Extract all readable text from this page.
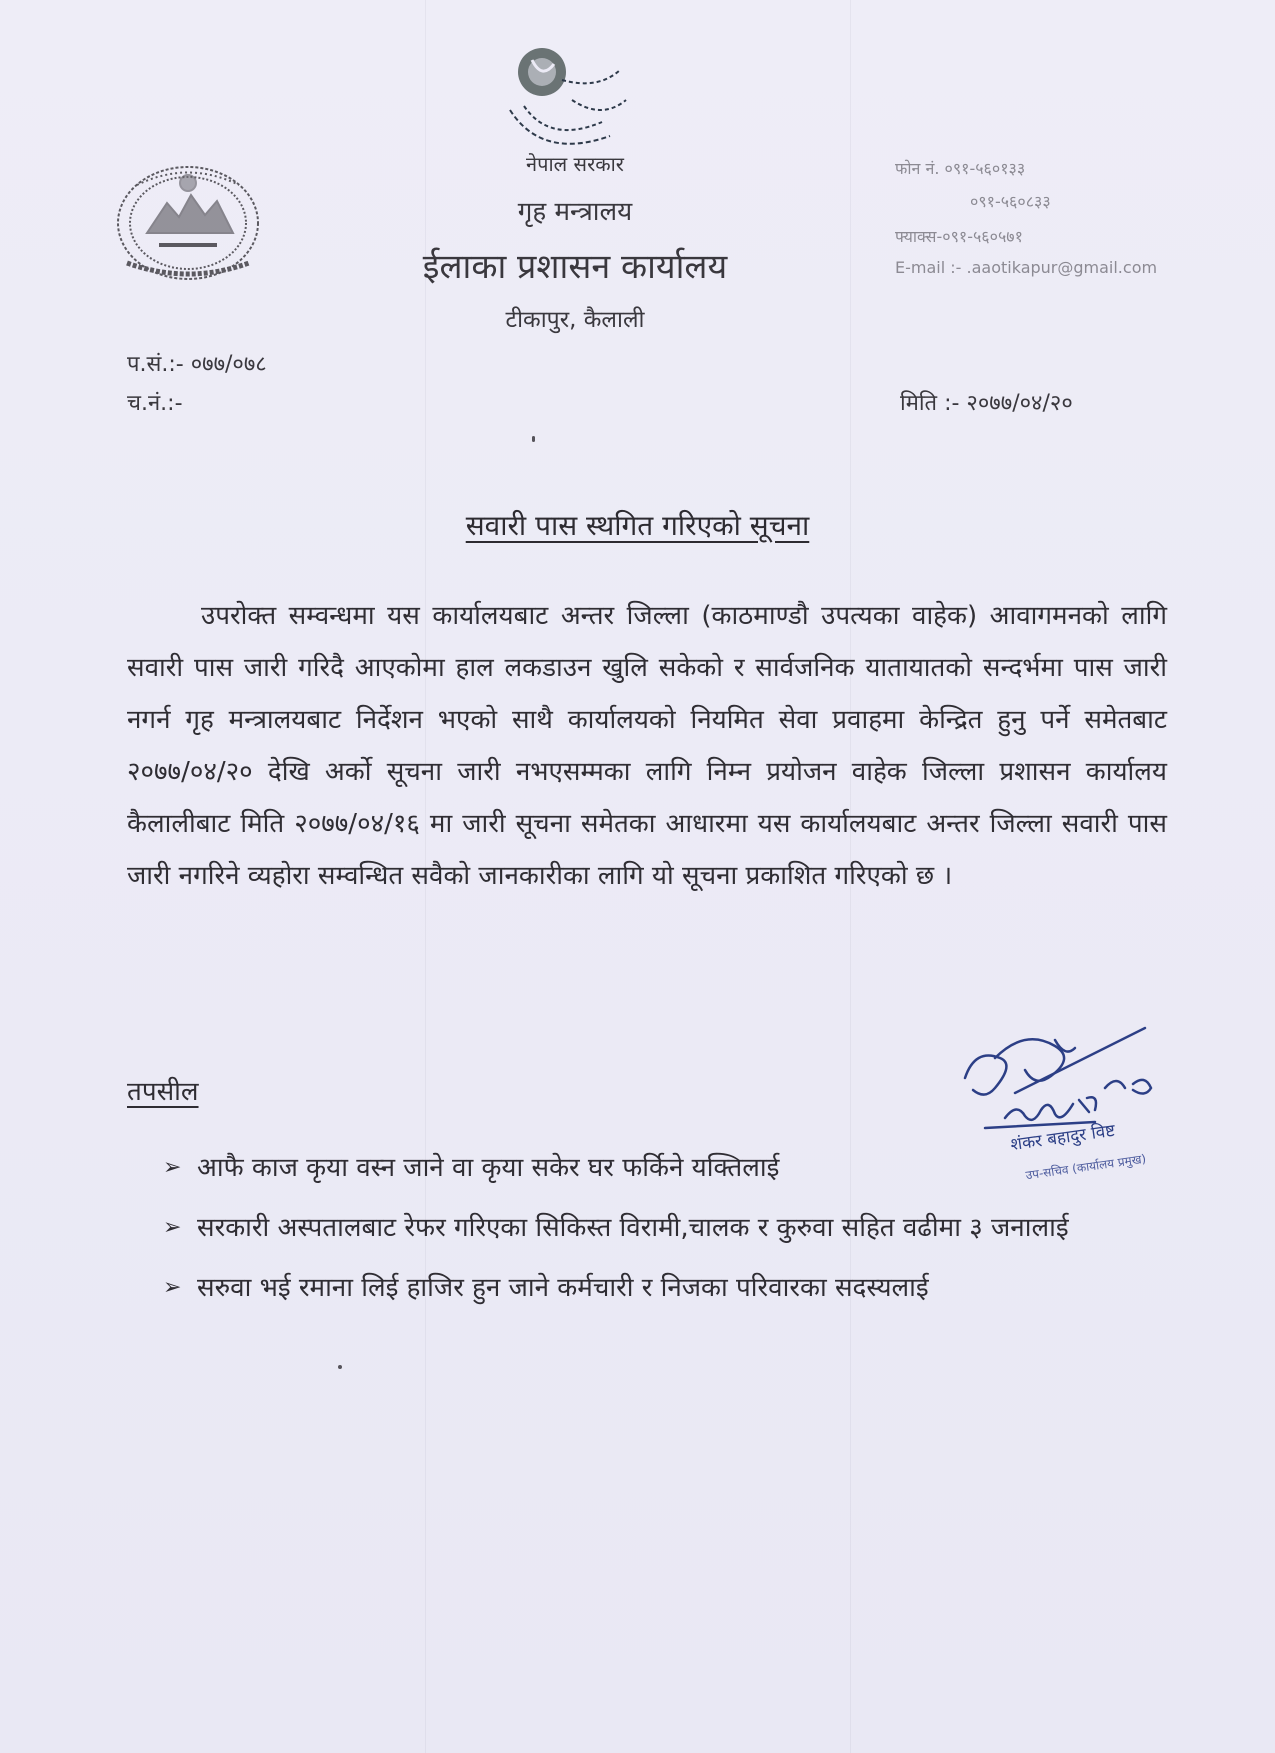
नेपाल सरकार
गृह मन्त्रालय
ईलाका प्रशासन कार्यालय
टीकापुर, कैलाली
फोन नं. ०९१-५६०१३३
०९१-५६०८३३
फ्याक्स-०९१-५६०५७१
E-mail :- .aaotikapur@gmail.com
प.सं.:- ०७७/०७८
च.नं.:-	मिति :- २०७७/०४/२०
सवारी पास स्थगित गरिएको सूचना
उपरोक्त सम्वन्धमा यस कार्यालयबाट अन्तर जिल्ला (काठमाण्डौ उपत्यका वाहेक) आवागमनको लागि सवारी पास जारी गरिदै आएकोमा हाल लकडाउन खुलि सकेको र सार्वजनिक यातायातको सन्दर्भमा पास जारी नगर्न गृह मन्त्रालयबाट निर्देशन भएको साथै कार्यालयको नियमित सेवा प्रवाहमा केन्द्रित हुनु पर्ने समेतबाट २०७७/०४/२० देखि अर्को सूचना जारी नभएसम्मका लागि निम्न प्रयोजन वाहेक जिल्ला प्रशासन कार्यालय कैलालीबाट मिति २०७७/०४/१६ मा जारी सूचना समेतका आधारमा यस कार्यालयबाट अन्तर जिल्ला सवारी पास जारी नगरिने व्यहोरा सम्वन्धित सवैको जानकारीका लागि यो सूचना प्रकाशित गरिएको छ ।
तपसील
➢ आफै काज कृया वस्न जाने वा कृया सकेर घर फर्किने यक्तिलाई
➢ सरकारी अस्पतालबाट रेफर गरिएका सिकिस्त विरामी,चालक र कुरुवा सहित वढीमा ३ जनालाई
➢ सरुवा भई रमाना लिई हाजिर हुन जाने कर्मचारी र निजका परिवारका सदस्यलाई
शंकर बहादुर विष्ट
उप-सचिव (कार्यालय प्रमुख)
